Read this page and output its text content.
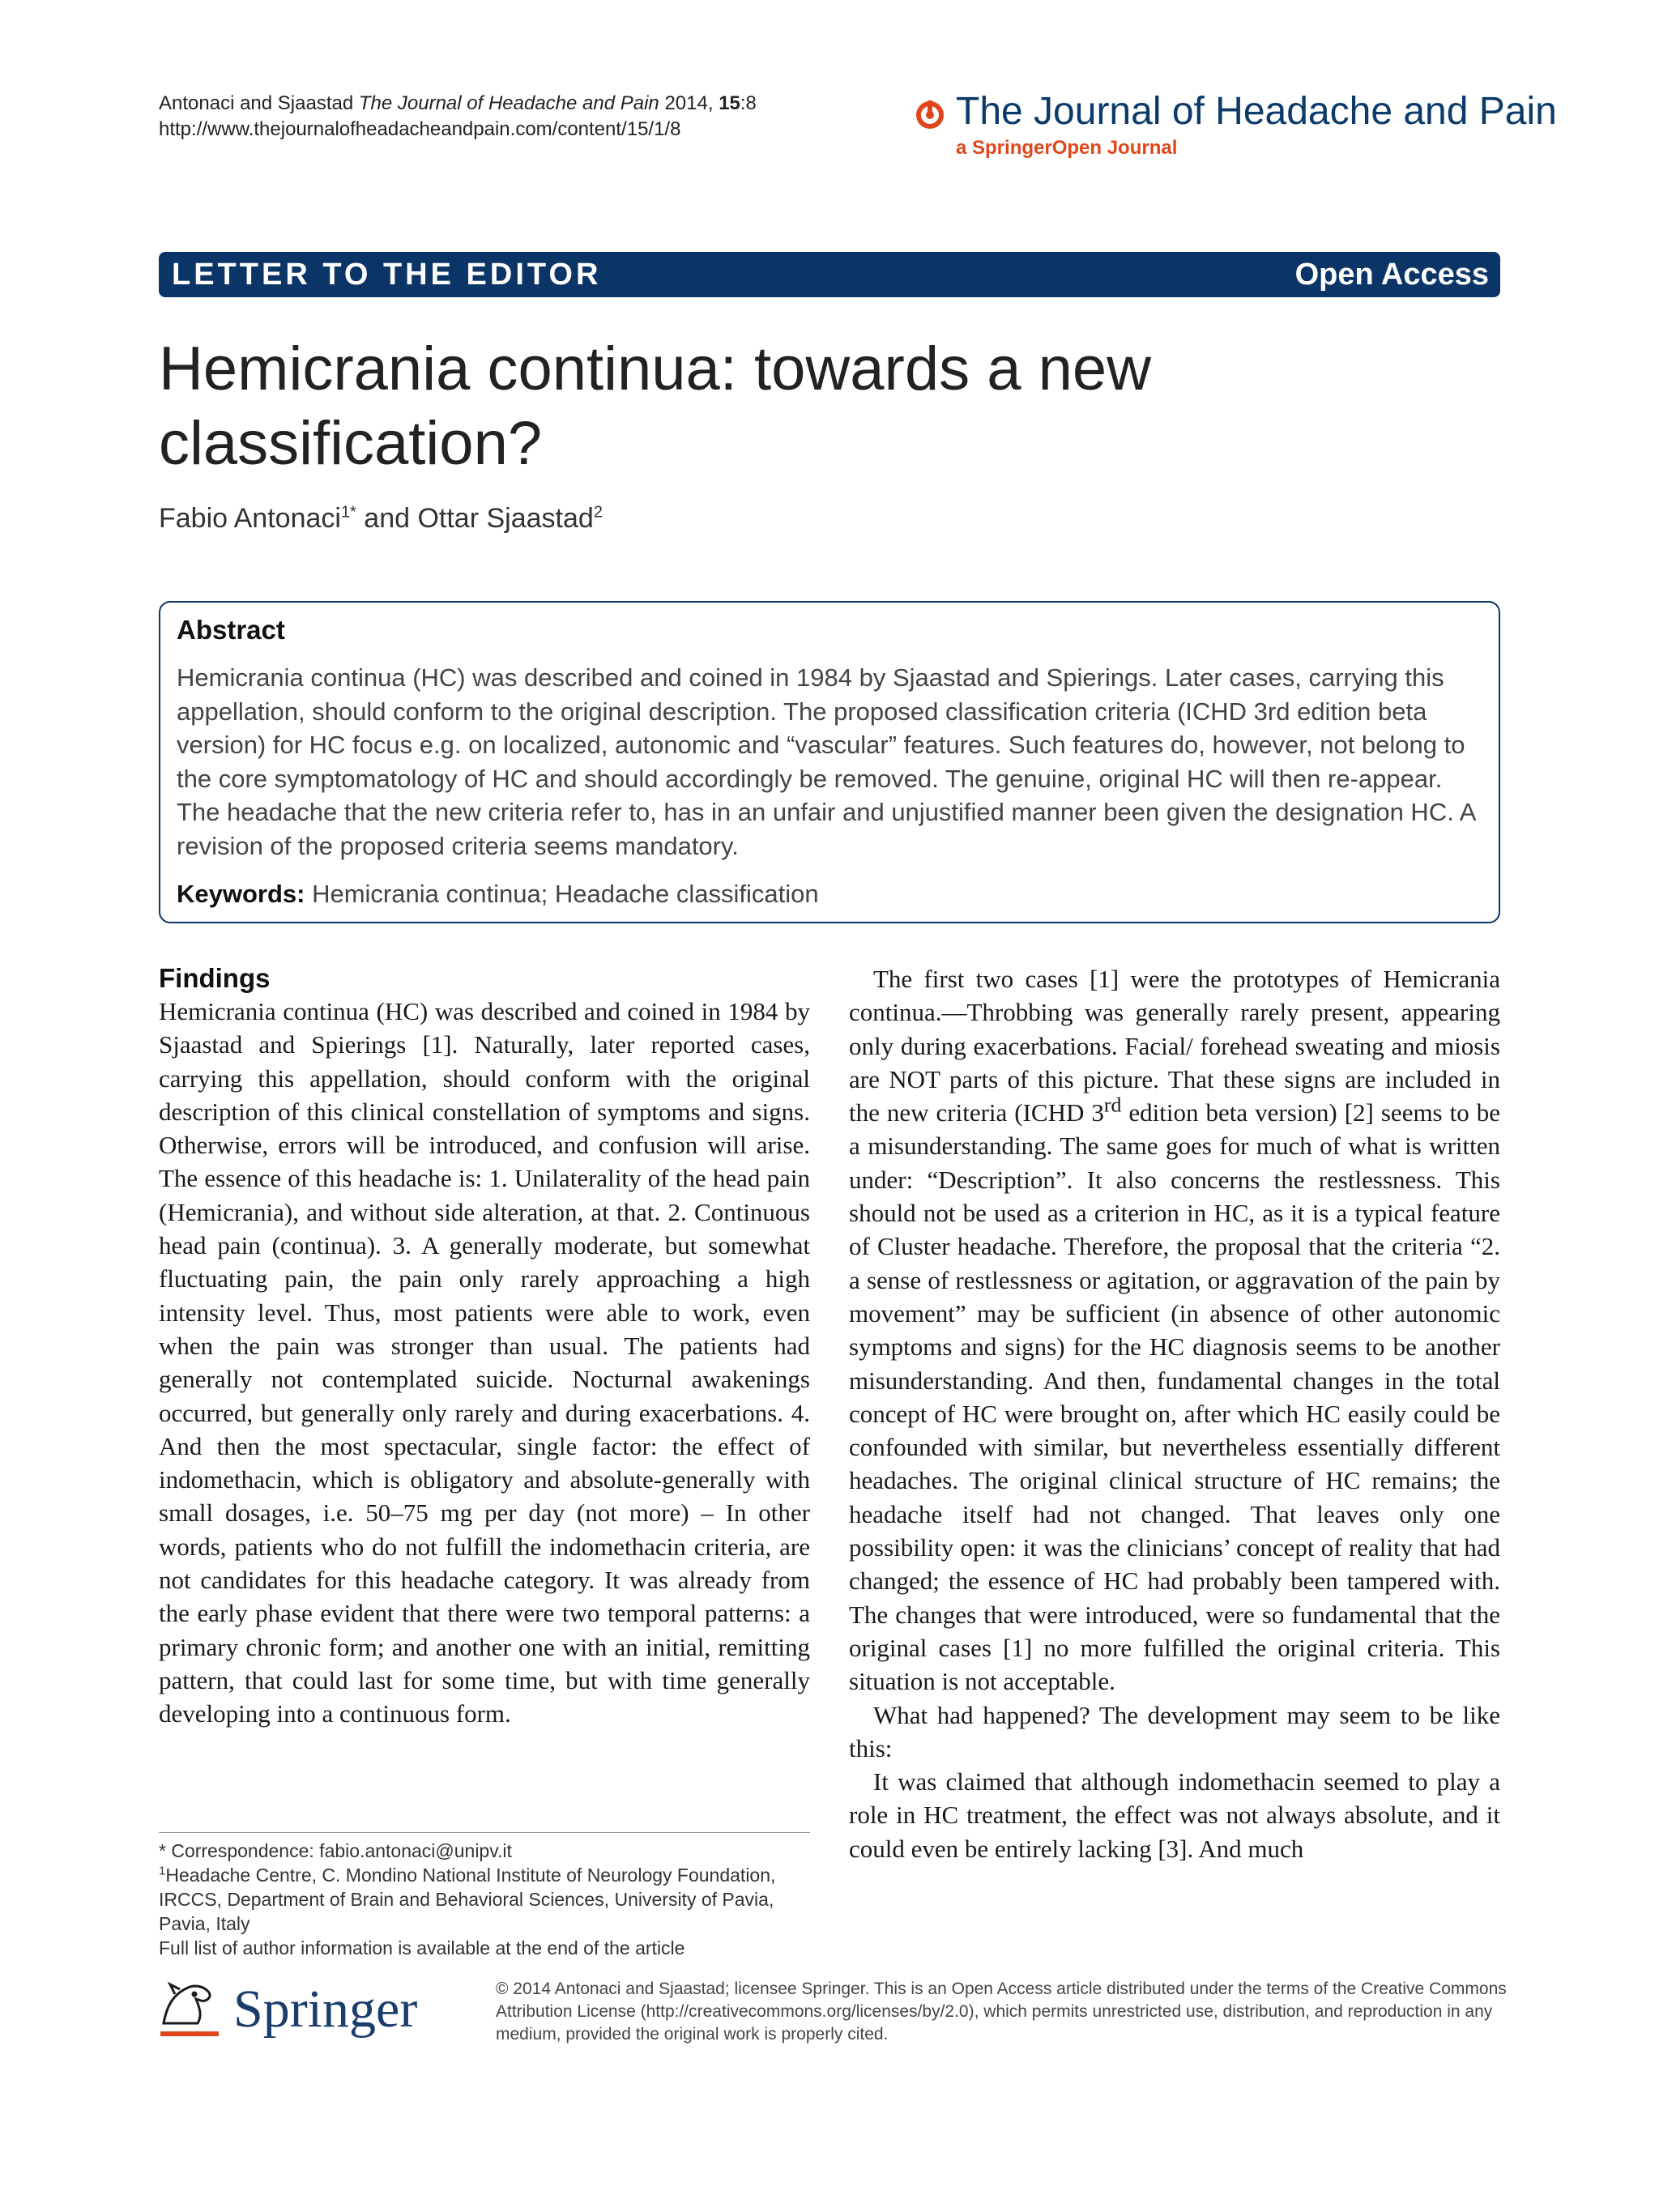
Antonaci and Sjaastad The Journal of Headache and Pain 2014, 15:8
http://www.thejournalofheadacheandpain.com/content/15/1/8	The Journal of Headache and Pain
a SpringerOpen Journal
LETTER TO THE EDITOR	Open Access
Hemicrania continua: towards a new classification?
Fabio Antonaci$^{1*}$ and Ottar Sjaastad$^2$
Abstract
Hemicrania continua (HC) was described and coined in 1984 by Sjaastad and Spierings. Later cases, carrying this appellation, should conform to the original description. The proposed classification criteria (ICHD 3rd edition beta version) for HC focus e.g. on localized, autonomic and “vascular” features. Such features do, however, not belong to the core symptomatology of HC and should accordingly be removed. The genuine, original HC will then re-appear. The headache that the new criteria refer to, has in an unfair and unjustified manner been given the designation HC. A revision of the proposed criteria seems mandatory.
Keywords: Hemicrania continua; Headache classification
Findings

Hemicrania continua (HC) was described and coined in 1984 by Sjaastad and Spierings [1]. Naturally, later reported cases, carrying this appellation, should conform with the original description of this clinical constellation of symptoms and signs. Otherwise, errors will be introduced, and confusion will arise. The essence of this headache is: 1. Unilaterality of the head pain (Hemicrania), and without side alteration, at that. 2. Continuous head pain (continua). 3. A generally moderate, but somewhat fluctuating pain, the pain only rarely approaching a high intensity level. Thus, most patients were able to work, even when the pain was stronger than usual. The patients had generally not contemplated suicide. Nocturnal awakenings occurred, but generally only rarely and during exacerbations. 4. And then the most spectacular, single factor: the effect of indomethacin, which is obligatory and absolute-generally with small dosages, i.e. 50–75 mg per day (not more) – In other words, patients who do not fulfill the indomethacin criteria, are not candidates for this headache category. It was already from the early phase evident that there were two temporal patterns: a primary chronic form; and another one with an initial, remitting pattern, that could last for some time, but with time generally developing into a continuous form.

The first two cases [1] were the prototypes of Hemicrania continua.—Throbbing was generally rarely present, appearing only during exacerbations. Facial/ forehead sweating and miosis are NOT parts of this picture. That these signs are included in the new criteria (ICHD 3rd edition beta version) [2] seems to be a misunderstanding. The same goes for much of what is written under: “Description”. It also concerns the restlessness. This should not be used as a criterion in HC, as it is a typical feature of Cluster headache. Therefore, the proposal that the criteria “2. a sense of restlessness or agitation, or aggravation of the pain by movement” may be sufficient (in absence of other autonomic symptoms and signs) for the HC diagnosis seems to be another misunderstanding. And then, fundamental changes in the total concept of HC were brought on, after which HC easily could be confounded with similar, but nevertheless essentially different headaches. The original clinical structure of HC remains; the headache itself had not changed. That leaves only one possibility open: it was the clinicians’ concept of reality that had changed; the essence of HC had probably been tampered with. The changes that were introduced, were so fundamental that the original cases [1] no more fulfilled the original criteria. This situation is not acceptable.

What had happened? The development may seem to be like this:

It was claimed that although indomethacin seemed to play a role in HC treatment, the effect was not always absolute, and it could even be entirely lacking [3]. And much

* Correspondence: fabio.antonaci@unipv.it
$^1$Headache Centre, C. Mondino National Institute of Neurology Foundation, IRCCS, Department of Brain and Behavioral Sciences, University of Pavia, Pavia, Italy
Full list of author information is available at the end of the article
Springer	© 2014 Antonaci and Sjaastad; licensee Springer. This is an Open Access article distributed under the terms of the Creative Commons Attribution License (http://creativecommons.org/licenses/by/2.0), which permits unrestricted use, distribution, and reproduction in any medium, provided the original work is properly cited.
